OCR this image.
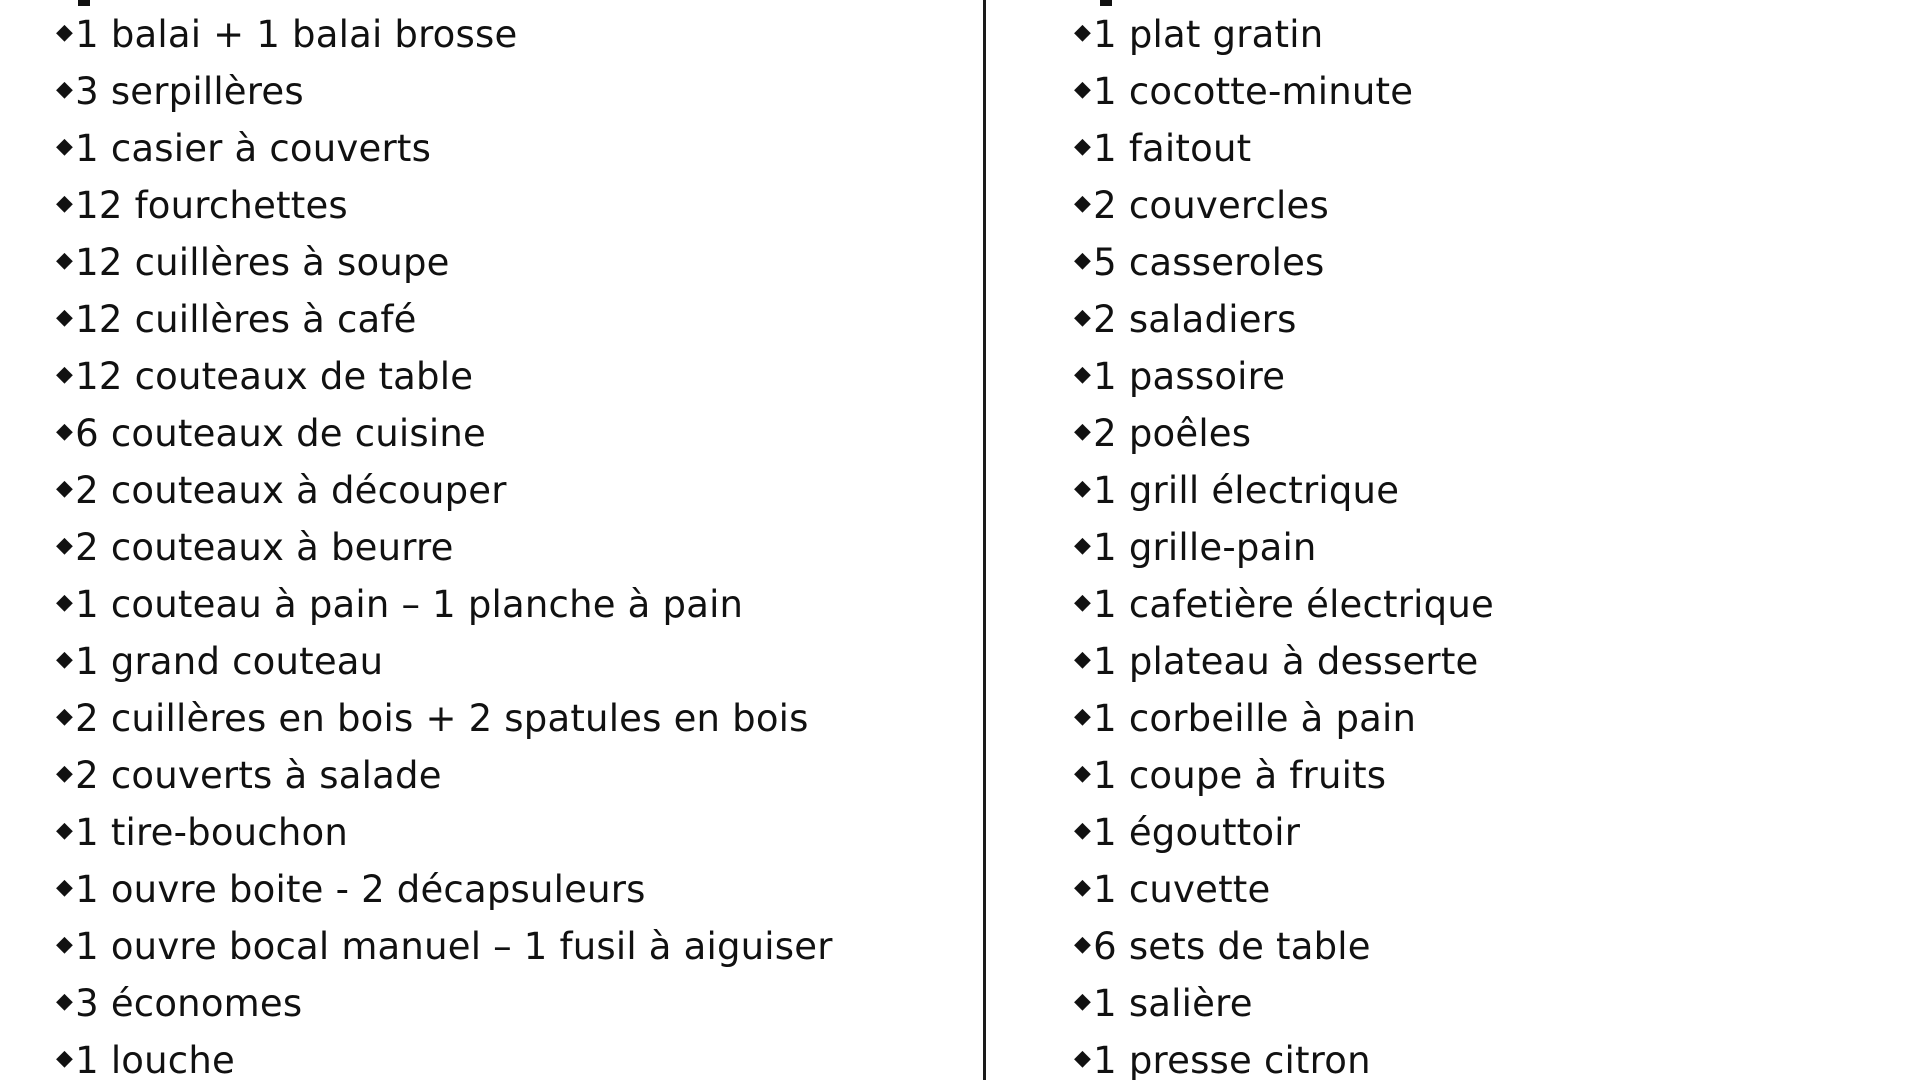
◆1 balai + 1 balai brosse
◆3 serpillères
◆1 casier à couverts
◆12 fourchettes
◆12 cuillères à soupe
◆12 cuillères à café
◆12 couteaux de table
◆6 couteaux de cuisine
◆2 couteaux à découper
◆2 couteaux à beurre
◆1 couteau à pain – 1 planche à pain
◆1 grand couteau
◆2 cuillères en bois + 2 spatules en bois
◆2 couverts à salade
◆1 tire-bouchon
◆1 ouvre boite - 2 décapsuleurs
◆1 ouvre bocal manuel – 1 fusil à aiguiser
◆3 économes
◆1 louche
◆1 plat gratin
◆1 cocotte-minute
◆1 faitout
◆2 couvercles
◆5 casseroles
◆2 saladiers
◆1 passoire
◆2 poêles
◆1 grill électrique
◆1 grille-pain
◆1 cafetière électrique
◆1 plateau à desserte
◆1 corbeille à pain
◆1 coupe à fruits
◆1 égouttoir
◆1 cuvette
◆6 sets de table
◆1 salière
◆1 presse citron
